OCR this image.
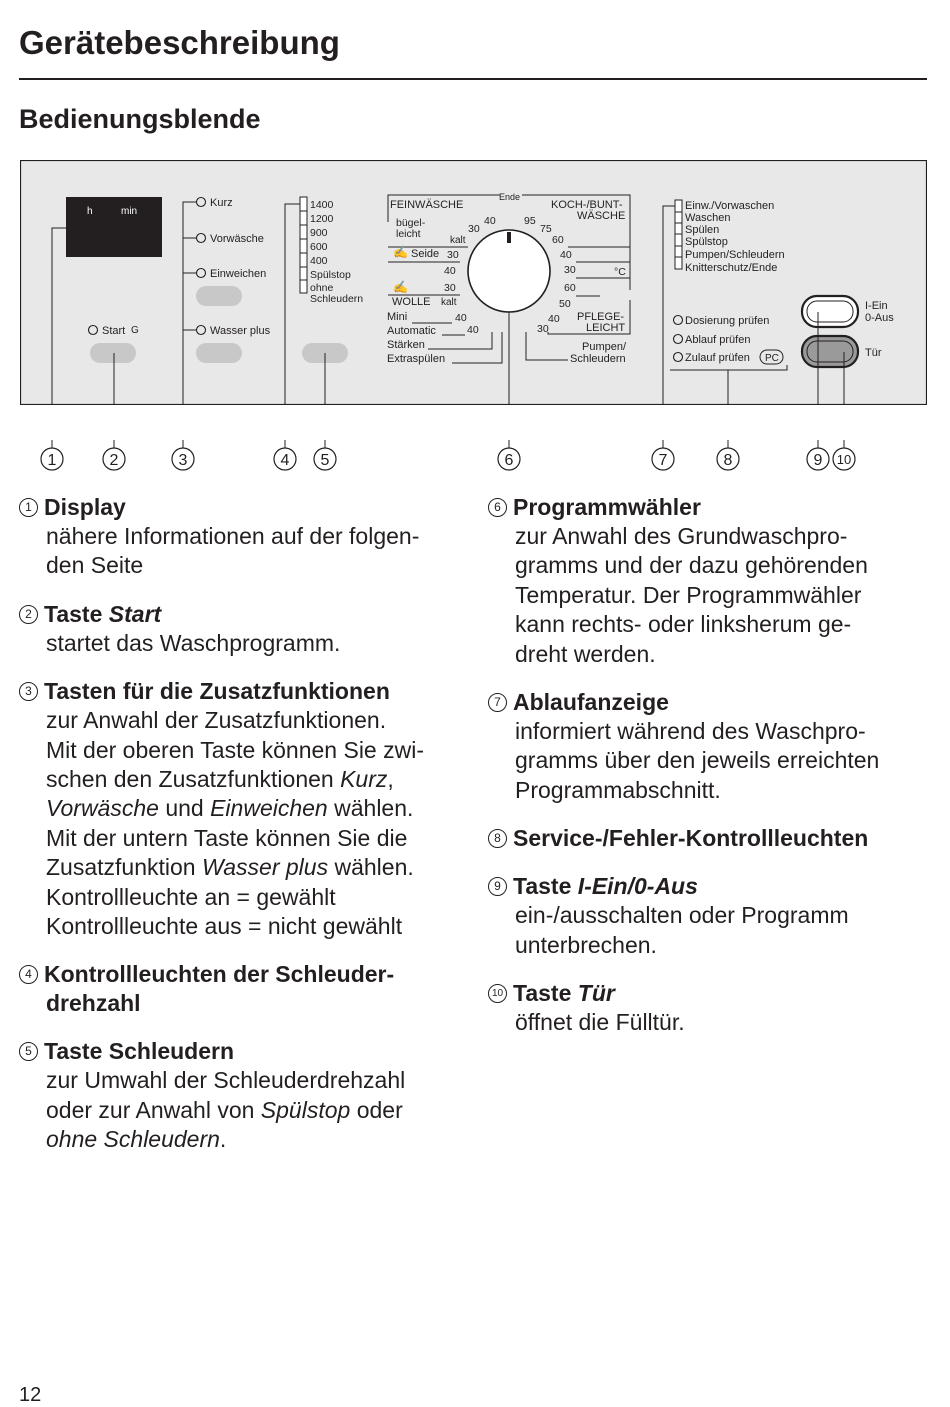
Gerätebeschreibung
Bedienungsblende
h	min
Start G
Kurz
Vorwäsche
Einweichen
Wasser plus
1400
1200
900
600
400
Spülstop
ohne
Schleudern
FEINWÄSCHE
bügel-
leicht
40
30
kalt
✍ Seide 30
40
✍	30
WOLLE kalt
Mini	40
Automatic	40
Stärken
Extraspülen
Ende
KOCH-/BUNT-
WÄSCHE
95
75
60
40
30	°C
60
50
40 PFLEGE-
LEICHT
30
Pumpen/
Schleudern
Einw./Vorwaschen
Waschen
Spülen
Spülstop
Pumpen/Schleudern
Knitterschutz/Ende
Dosierung prüfen
Ablauf prüfen
Zulauf prüfen PC
I-Ein
0-Aus
Tür
1	2	3	4 5	6	7	8	9 10
1 Display
nähere Informationen auf der folgen-
den Seite
2 Taste Start
startet das Waschprogramm.
3 Tasten für die Zusatzfunktionen
zur Anwahl der Zusatzfunktionen.
Mit der oberen Taste können Sie zwi-
schen den Zusatzfunktionen Kurz,
Vorwäsche und Einweichen wählen.
Mit der untern Taste können Sie die
Zusatzfunktion Wasser plus wählen.
Kontrollleuchte an = gewählt
Kontrollleuchte aus = nicht gewählt
4 Kontrollleuchten der Schleuder-
drehzahl
5 Taste Schleudern
zur Umwahl der Schleuderdrehzahl
oder zur Anwahl von Spülstop oder
ohne Schleudern.
6 Programmwähler
zur Anwahl des Grundwaschpro-
gramms und der dazu gehörenden
Temperatur. Der Programmwähler
kann rechts- oder linksherum ge-
dreht werden.
7 Ablaufanzeige
informiert während des Waschpro-
gramms über den jeweils erreichten
Programmabschnitt.
8 Service-/Fehler-Kontrollleuchten
9 Taste I-Ein/0-Aus
ein-/ausschalten oder Programm
unterbrechen.
10 Taste Tür
öffnet die Fülltür.
12
